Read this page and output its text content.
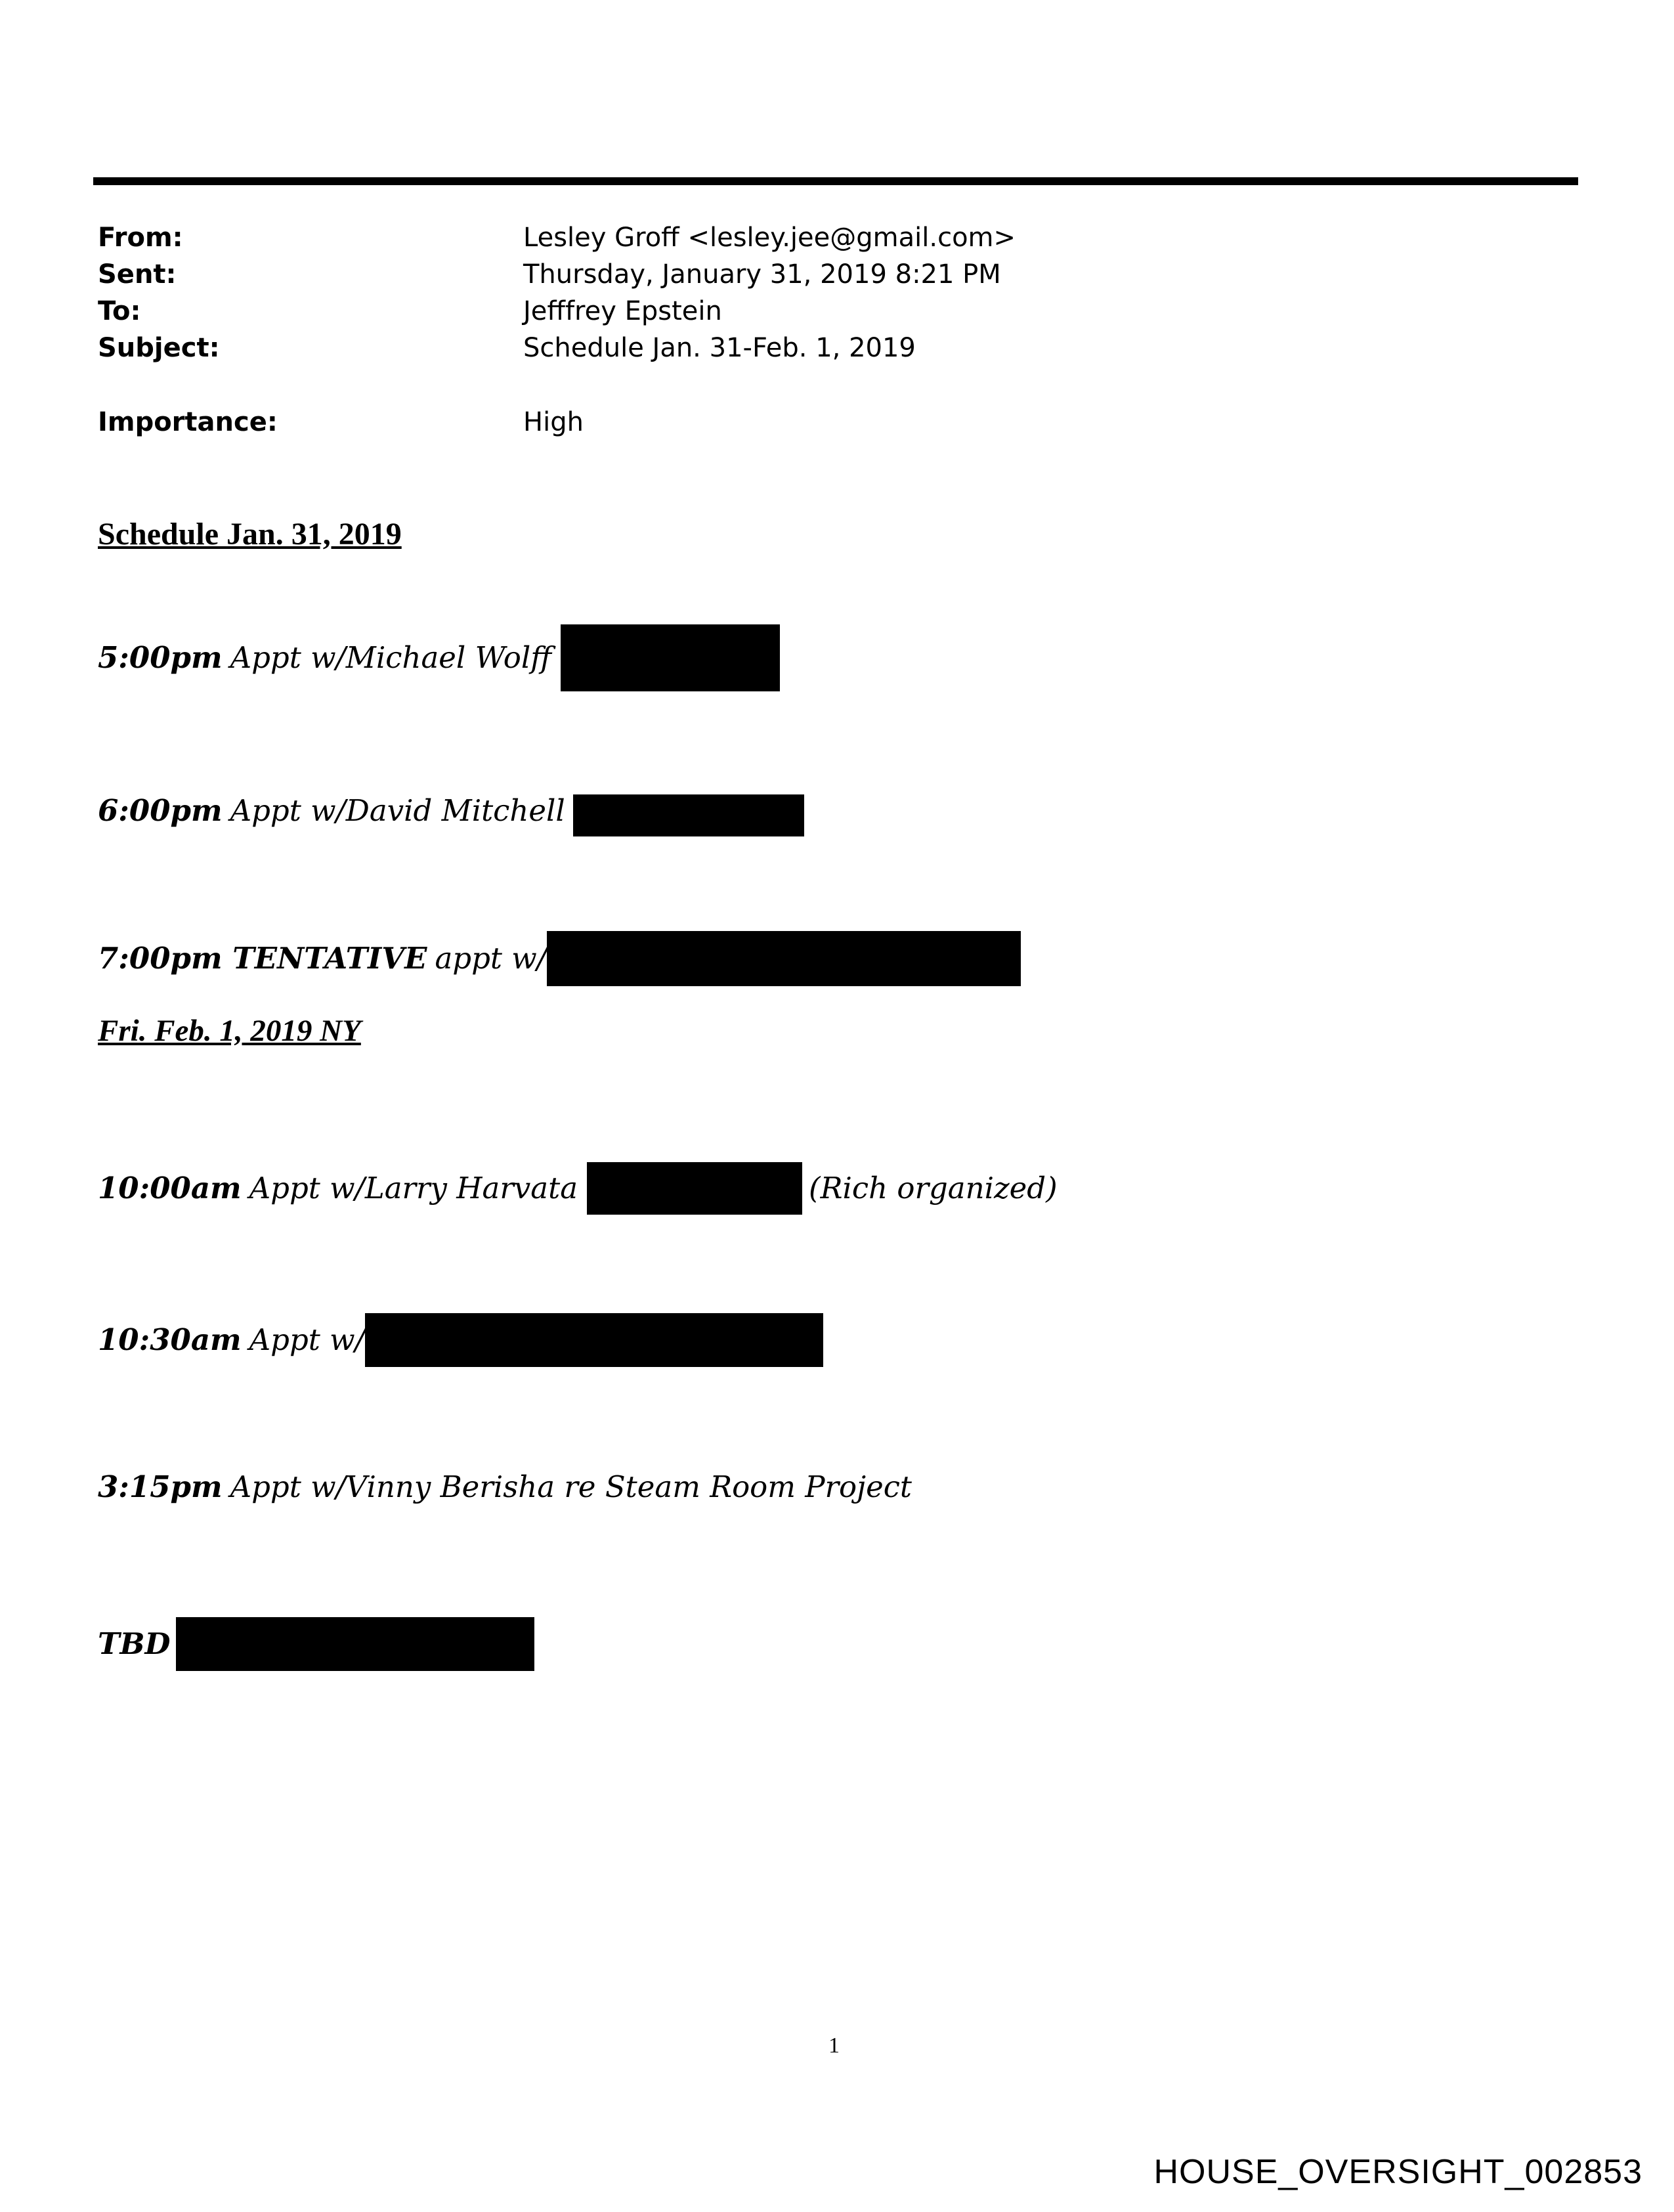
From:	Lesley Groff <lesley.jee@gmail.com>
Sent:	Thursday, January 31, 2019 8:21 PM
To:	Jefffrey Epstein
Subject:	Schedule Jan. 31-Feb. 1, 2019
Importance:	High
Schedule Jan. 31, 2019
5:00pm Appt w/Michael Wolff
6:00pm Appt w/David Mitchell
7:00pm TENTATIVE appt w/
Fri. Feb. 1, 2019 NY
10:00am Appt w/Larry Harvata	(Rich organized)
10:30am Appt w/
3:15pm Appt w/Vinny Berisha re Steam Room Project
TBD
1
HOUSE_OVERSIGHT_002853
